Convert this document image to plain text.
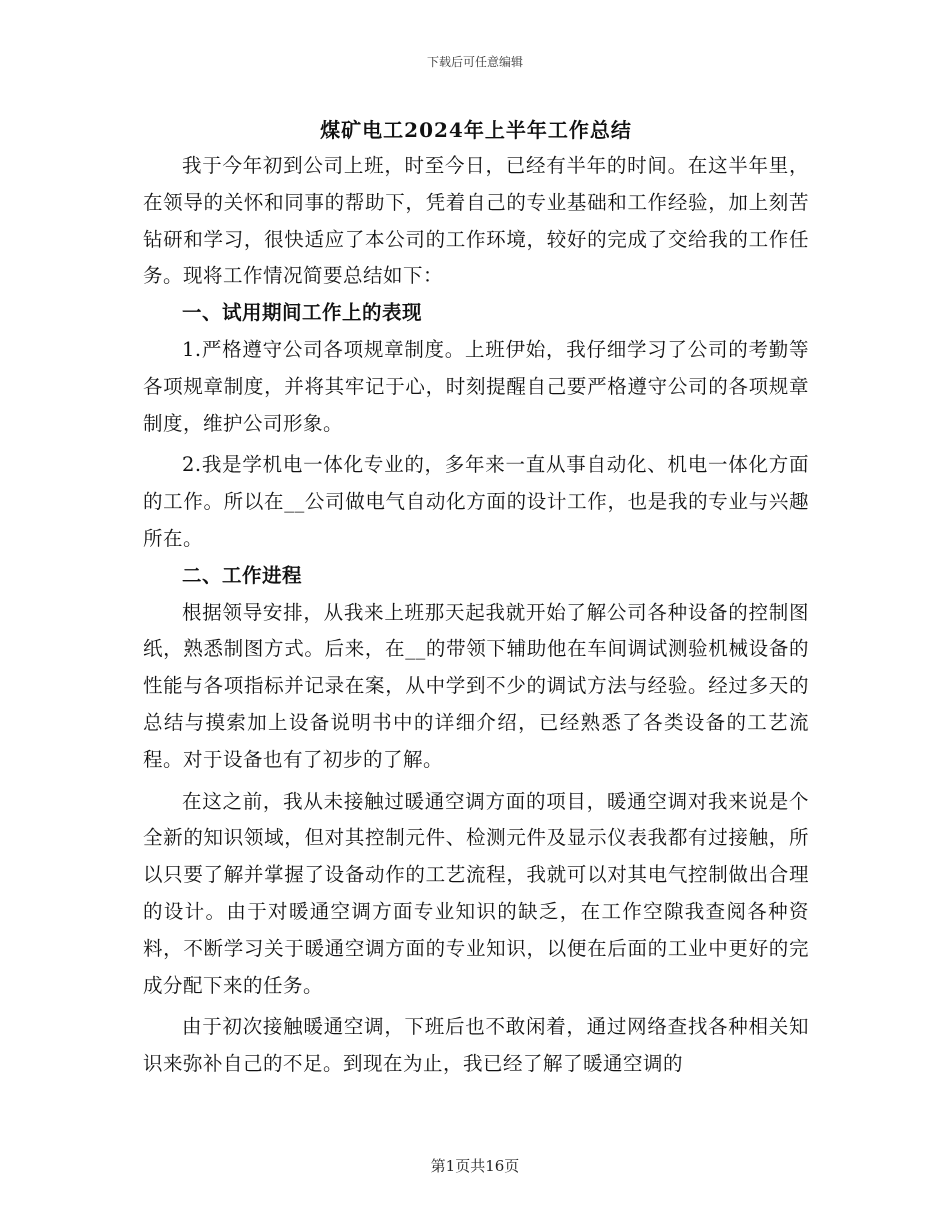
下载后可任意编辑
煤矿电工2024年上半年工作总结

我于今年初到公司上班，时至今日，已经有半年的时间。在这半年里，在领导的关怀和同事的帮助下，凭着自己的专业基础和工作经验，加上刻苦钻研和学习，很快适应了本公司的工作环境，较好的完成了交给我的工作任务。现将工作情况简要总结如下：

一、试用期间工作上的表现

1.严格遵守公司各项规章制度。上班伊始，我仔细学习了公司的考勤等各项规章制度，并将其牢记于心，时刻提醒自己要严格遵守公司的各项规章制度，维护公司形象。

2.我是学机电一体化专业的，多年来一直从事自动化、机电一体化方面的工作。所以在__公司做电气自动化方面的设计工作，也是我的专业与兴趣所在。

二、工作进程

根据领导安排，从我来上班那天起我就开始了解公司各种设备的控制图纸，熟悉制图方式。后来，在__的带领下辅助他在车间调试测验机械设备的性能与各项指标并记录在案，从中学到不少的调试方法与经验。经过多天的总结与摸索加上设备说明书中的详细介绍，已经熟悉了各类设备的工艺流程。对于设备也有了初步的了解。

在这之前，我从未接触过暖通空调方面的项目，暖通空调对我来说是个全新的知识领域，但对其控制元件、检测元件及显示仪表我都有过接触，所以只要了解并掌握了设备动作的工艺流程，我就可以对其电气控制做出合理的设计。由于对暖通空调方面专业知识的缺乏，在工作空隙我查阅各种资料，不断学习关于暖通空调方面的专业知识，以便在后面的工业中更好的完成分配下来的任务。

由于初次接触暖通空调，下班后也不敢闲着，通过网络查找各种相关知识来弥补自己的不足。到现在为止，我已经了解了暖通空调的

第1页共16页
